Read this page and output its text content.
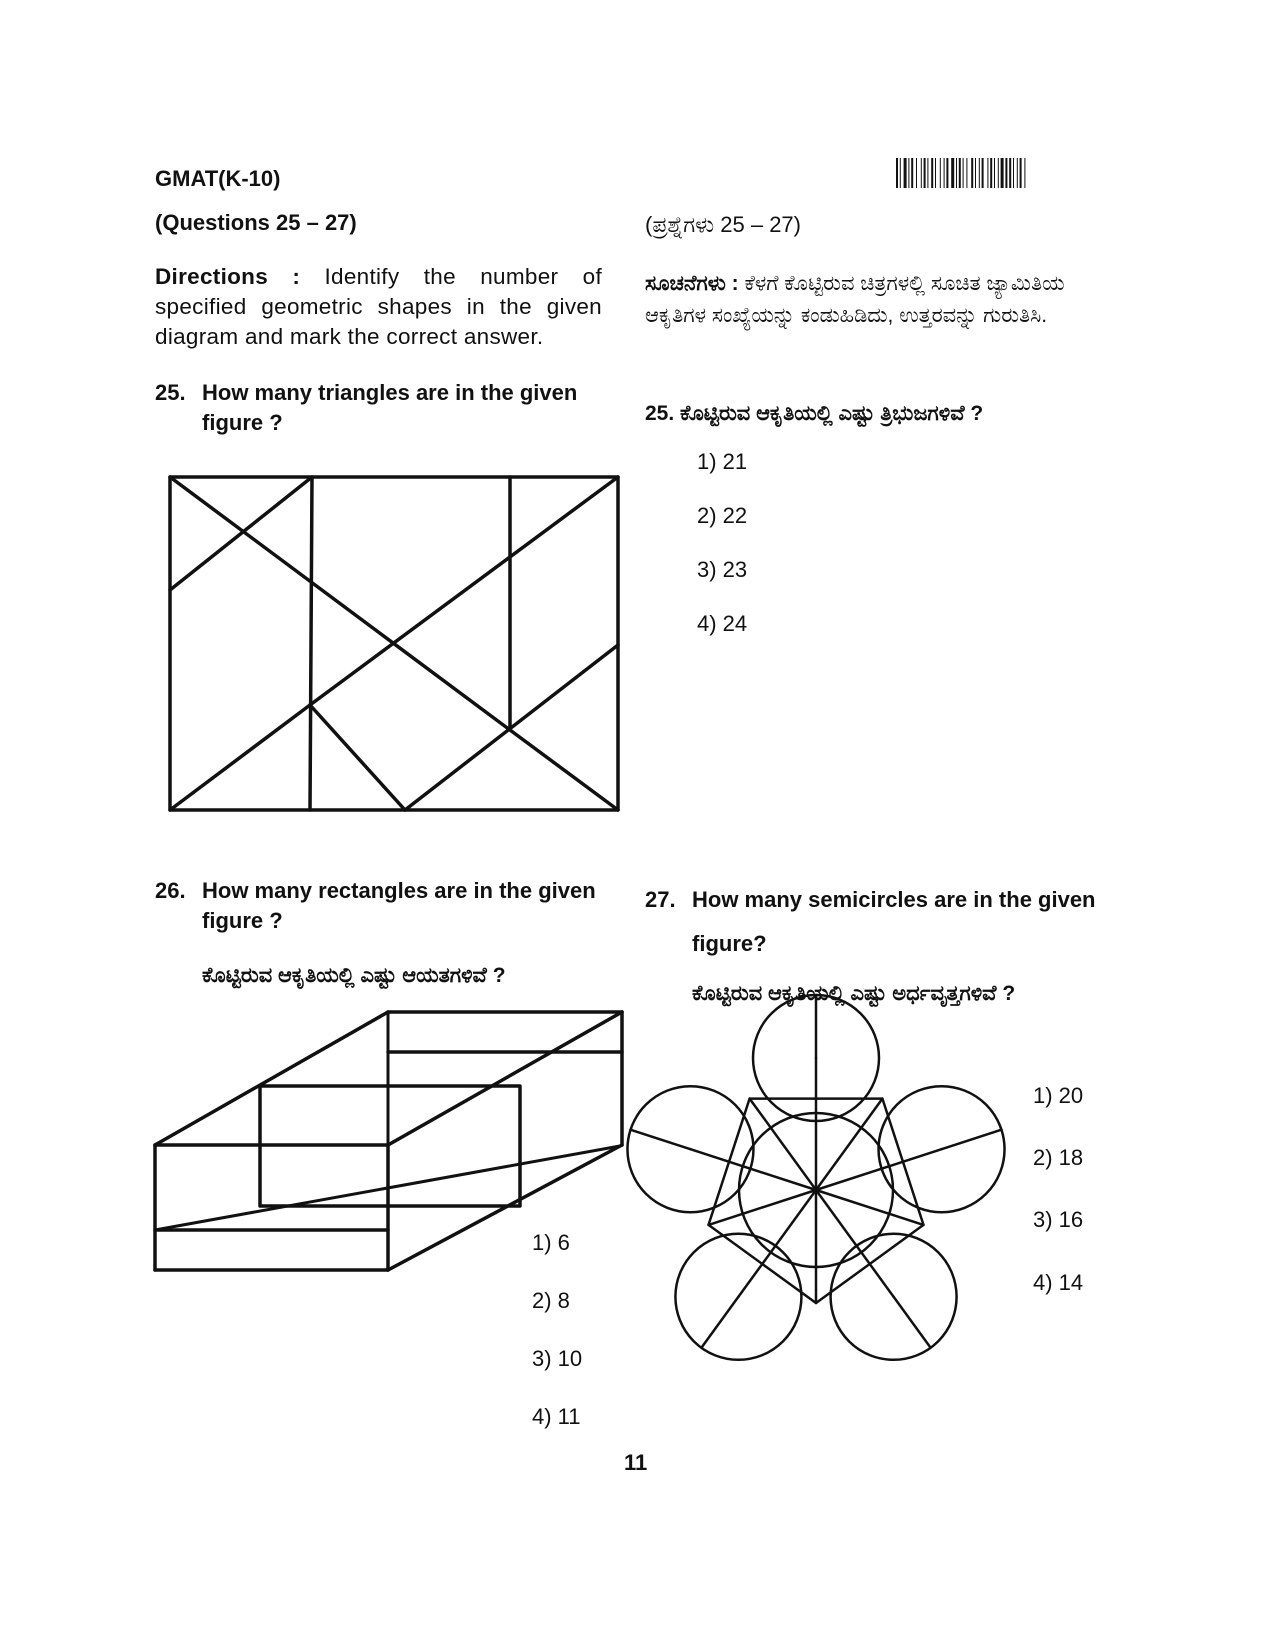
GMAT(K-10)
(Questions 25 – 27)	(ಪ್ರಶ್ನೆಗಳು 25 – 27)
Directions : Identify the number of specified geometric shapes in the given diagram and mark the correct answer.
ಸೂಚನೆಗಳು : ಕೆಳಗೆ ಕೊಟ್ಟಿರುವ ಚಿತ್ರಗಳಲ್ಲಿ ಸೂಚಿತ ಜ್ಯಾಮಿತಿಯ ಆಕೃತಿಗಳ ಸಂಖ್ಯೆಯನ್ನು ಕಂಡುಹಿಡಿದು, ಉತ್ತರವನ್ನು ಗುರುತಿಸಿ.
25. How many triangles are in the given figure ?	25. ಕೊಟ್ಟಿರುವ ಆಕೃತಿಯಲ್ಲಿ ಎಷ್ಟು ತ್ರಿಭುಜಗಳಿವೆ ?
1) 21
2) 22
3) 23
4) 24
26. How many rectangles are in the given figure ?
ಕೊಟ್ಟಿರುವ ಆಕೃತಿಯಲ್ಲಿ ಎಷ್ಟು ಆಯತಗಳಿವೆ ?
1) 6
2) 8
3) 10
4) 11
27. How many semicircles are in the given figure?
ಕೊಟ್ಟಿರುವ ಆಕೃತಿಯಲ್ಲಿ ಎಷ್ಟು ಅರ್ಧವೃತ್ತಗಳಿವೆ ?
1) 20
2) 18
3) 16
4) 14
11
